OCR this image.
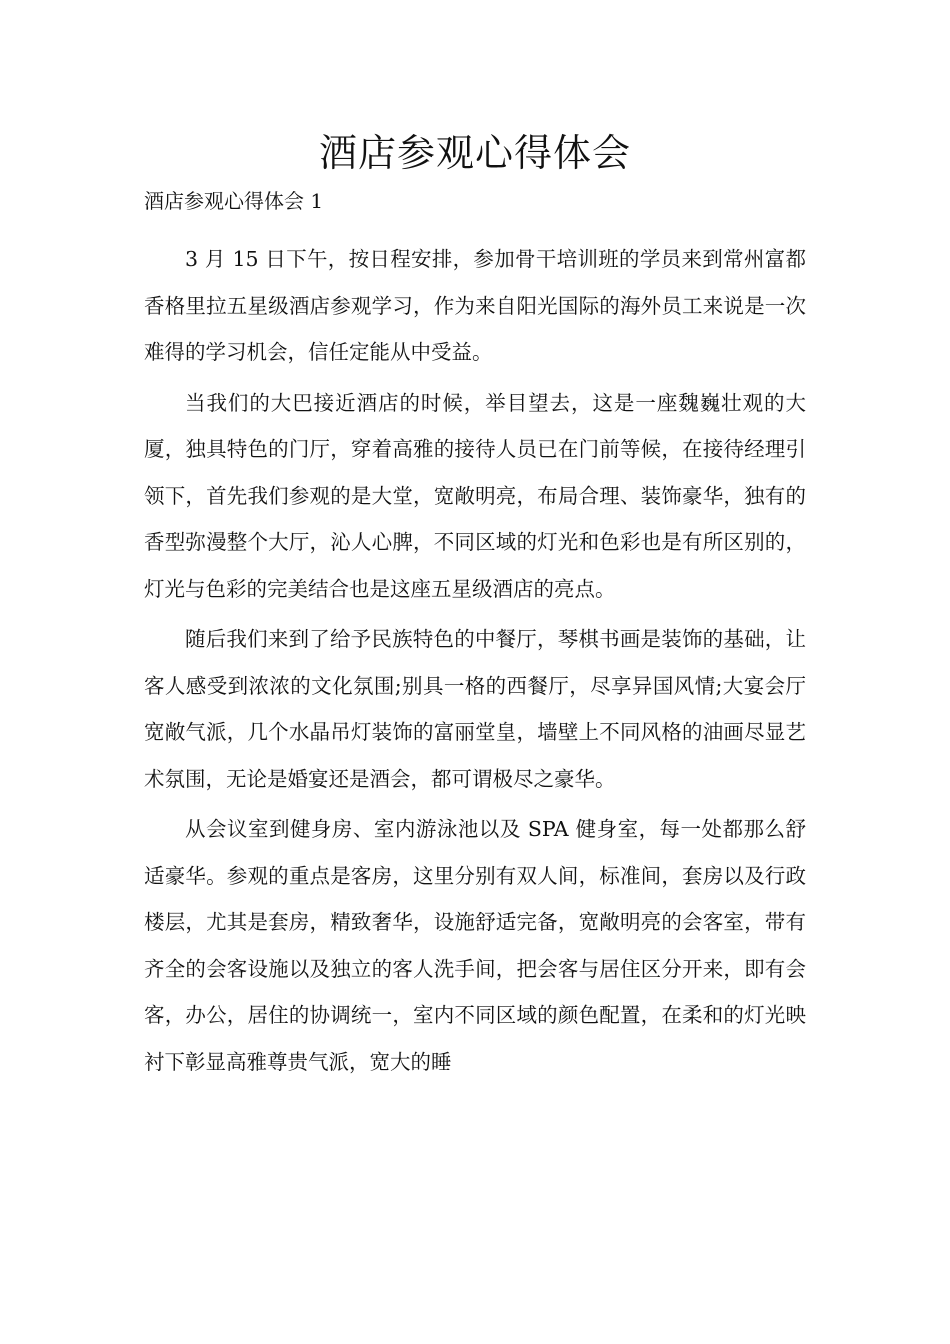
酒店参观心得体会
酒店参观心得体会 1

3 月 15 日下午，按日程安排，参加骨干培训班的学员来到常州富都香格里拉五星级酒店参观学习，作为来自阳光国际的海外员工来说是一次难得的学习机会，信任定能从中受益。

当我们的大巴接近酒店的时候，举目望去，这是一座魏巍壮观的大厦，独具特色的门厅，穿着高雅的接待人员已在门前等候，在接待经理引领下，首先我们参观的是大堂，宽敞明亮，布局合理、装饰豪华，独有的香型弥漫整个大厅，沁人心脾，不同区域的灯光和色彩也是有所区别的，灯光与色彩的完美结合也是这座五星级酒店的亮点。

随后我们来到了给予民族特色的中餐厅，琴棋书画是装饰的基础，让客人感受到浓浓的文化氛围;别具一格的西餐厅，尽享异国风情;大宴会厅宽敞气派，几个水晶吊灯装饰的富丽堂皇，墙壁上不同风格的油画尽显艺术氛围，无论是婚宴还是酒会，都可谓极尽之豪华。

从会议室到健身房、室内游泳池以及 SPA 健身室，每一处都那么舒适豪华。参观的重点是客房，这里分别有双人间，标准间，套房以及行政楼层，尤其是套房，精致奢华，设施舒适完备，宽敞明亮的会客室，带有齐全的会客设施以及独立的客人洗手间，把会客与居住区分开来，即有会客，办公，居住的协调统一，室内不同区域的颜色配置，在柔和的灯光映衬下彰显高雅尊贵气派，宽大的睡
